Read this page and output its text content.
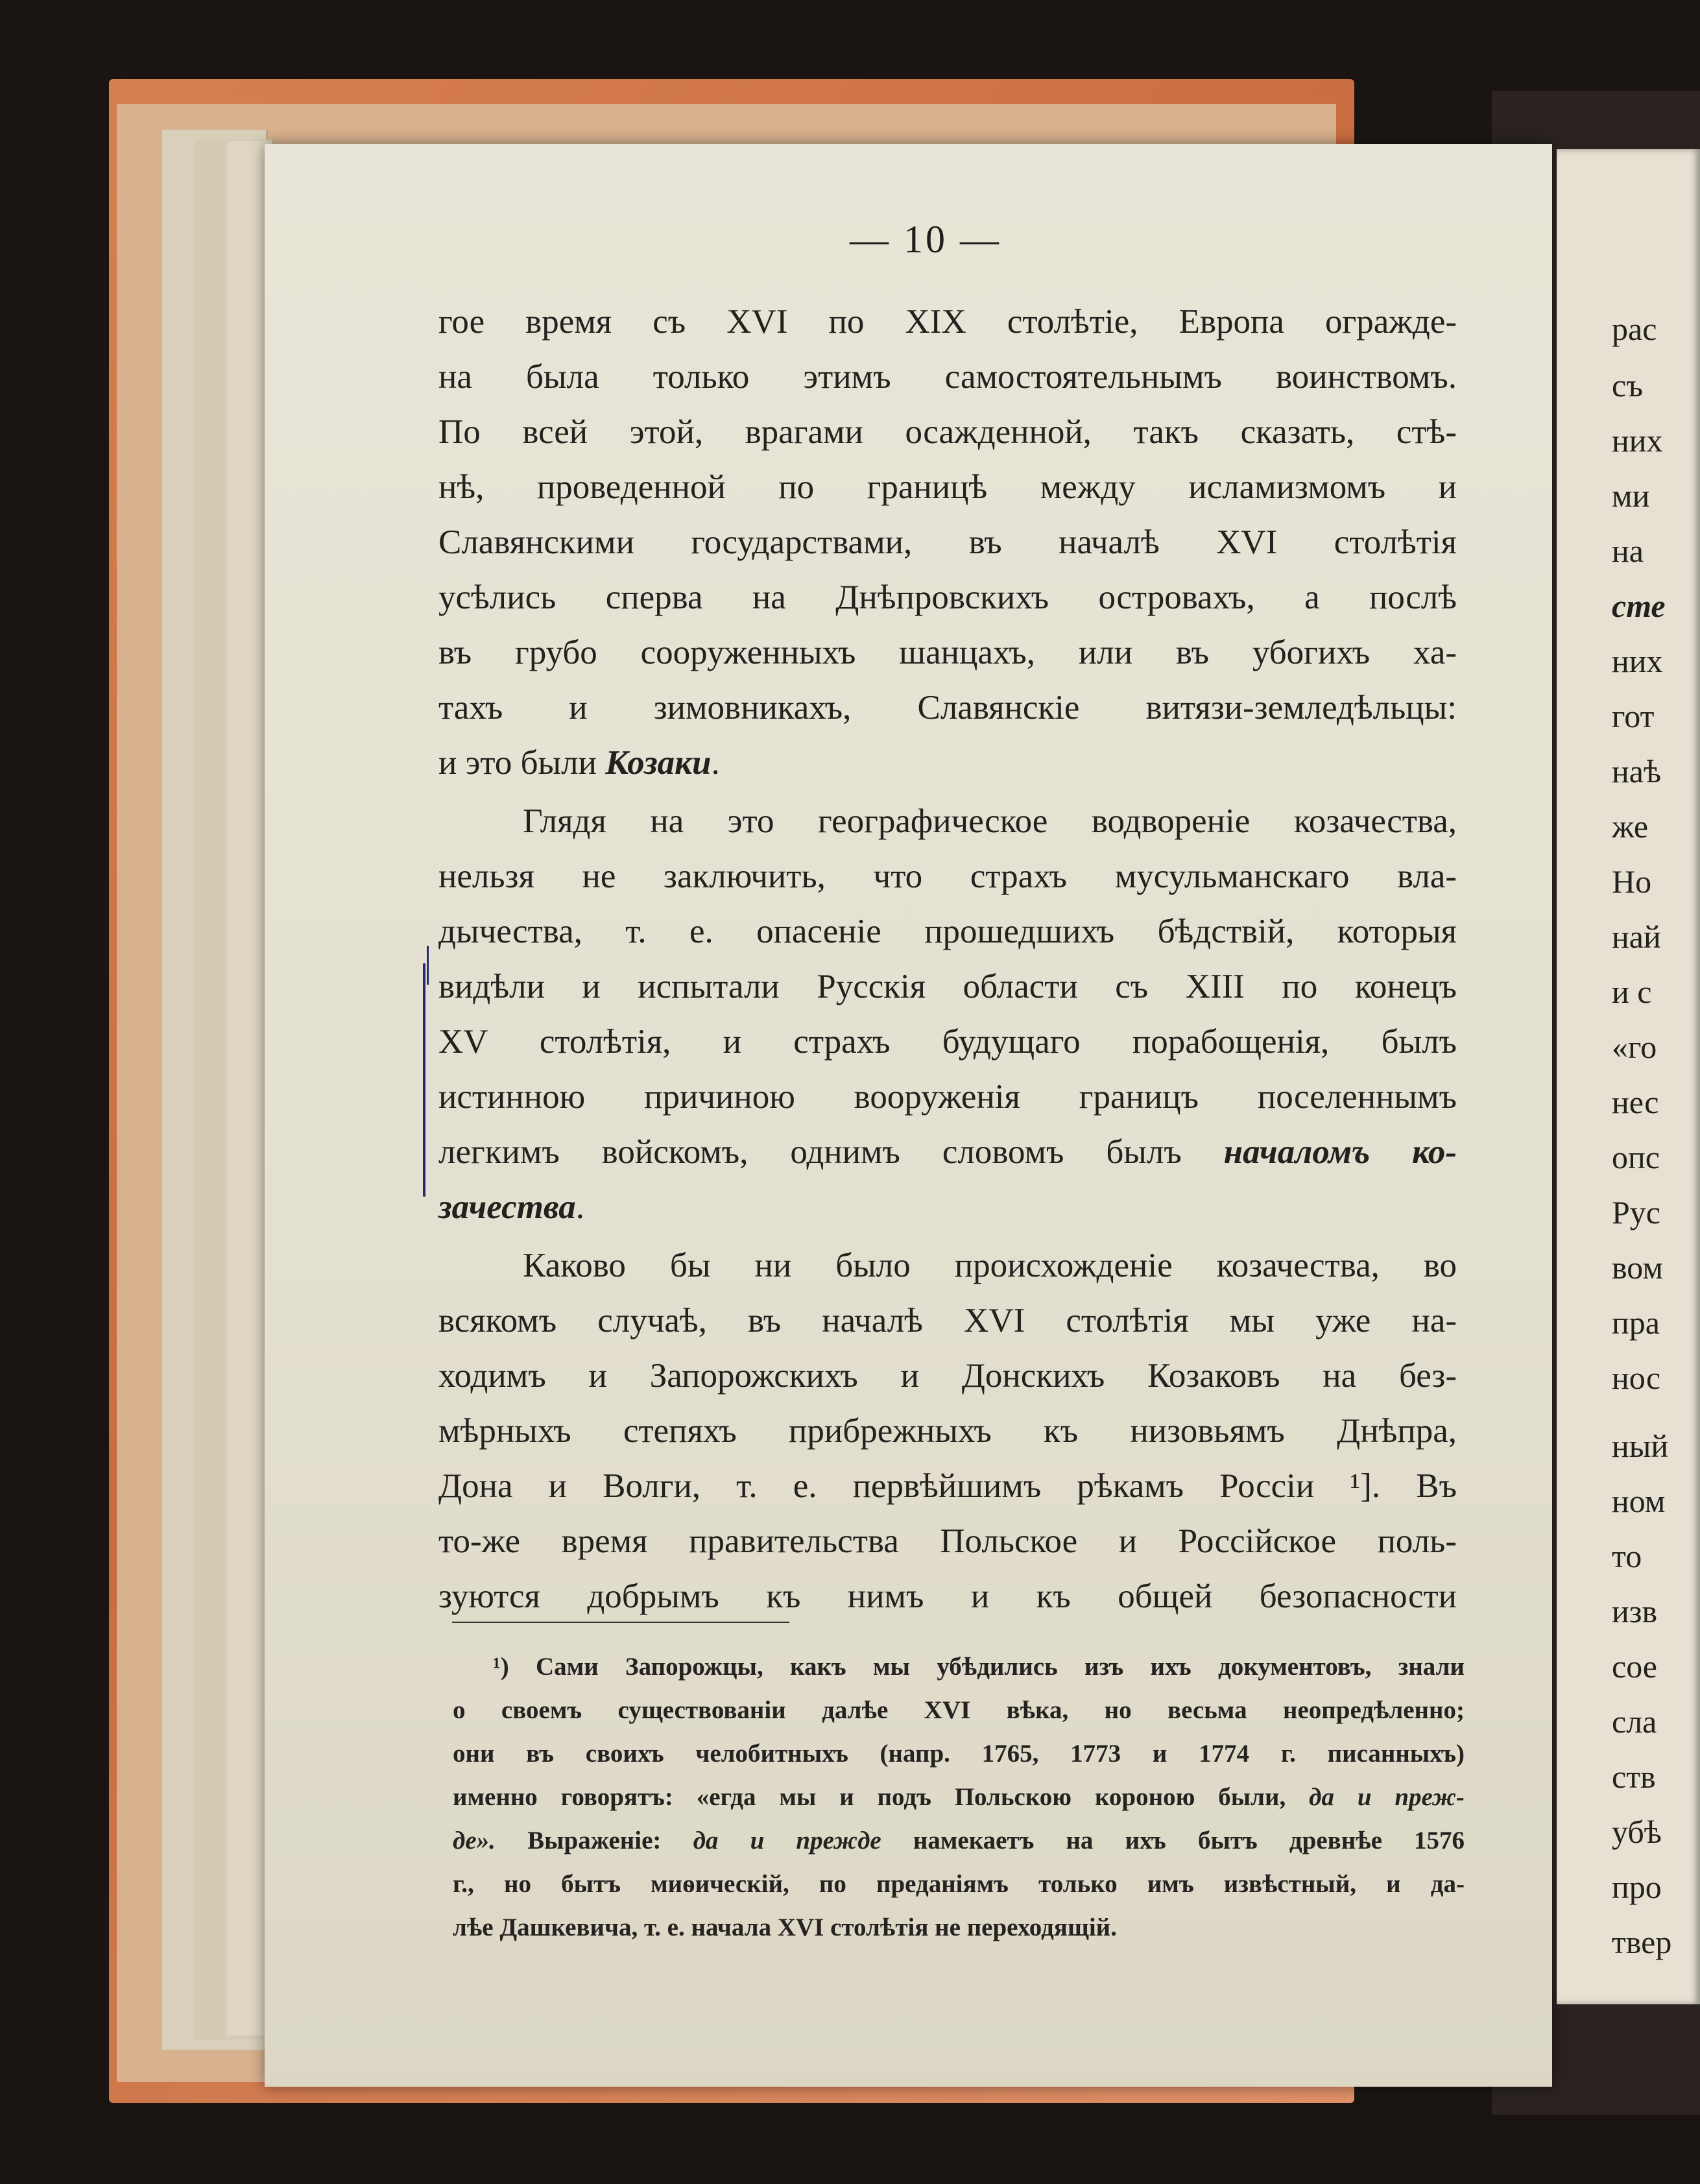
— 10 —
гое время съ XVI по XIX столѣтіе, Европа огражде-
на была только этимъ самостоятельнымъ воинствомъ.
По всей этой, врагами осажденной, такъ сказать, стѣ-
нѣ, проведенной по границѣ между исламизмомъ и
Славянскими государствами, въ началѣ XVI столѣтія
усѣлись сперва на Днѣпровскихъ островахъ, а послѣ
въ грубо сооруженныхъ шанцахъ, или въ убогихъ ха-
тахъ и зимовникахъ, Славянскіе витязи-земледѣльцы:
и это были Козаки.
Глядя на это географическое водвореніе козачества,
нельзя не заключить, что страхъ мусульманскаго вла-
дычества, т. е. опасеніе прошедшихъ бѣдствій, которыя
видѣли и испытали Русскія области съ XIII по конецъ
XV столѣтія, и страхъ будущаго порабощенія, былъ
истинною причиною вооруженія границъ поселеннымъ
легкимъ войскомъ, однимъ словомъ былъ началомъ ко-
зачества.
Каково бы ни было происхожденіе козачества, во
всякомъ случаѣ, въ началѣ XVI столѣтія мы уже на-
ходимъ и Запорожскихъ и Донскихъ Козаковъ на без-
мѣрныхъ степяхъ прибрежныхъ къ низовьямъ Днѣпра,
Дона и Волги, т. е. первѣйшимъ рѣкамъ Россіи ¹]. Въ
то-же время правительства Польское и Россійское поль-
зуются добрымъ къ нимъ и къ общей безопасности
¹) Сами Запорожцы, какъ мы убѣдились изъ ихъ документовъ, знали
о своемъ существованіи далѣе XVI вѣка, но весьма неопредѣленно;
они въ своихъ челобитныхъ (напр. 1765, 1773 и 1774 г. писанныхъ)
именно говорятъ: «егда мы и подъ Польскою короною были, да и преж-
де». Выраженіе: да и прежде намекаетъ на ихъ бытъ древнѣе 1576
г., но бытъ миѳическій, по преданіямъ только имъ извѣстный, и да-
лѣе Дашкевича, т. е. начала XVI столѣтія не переходящій.
рас
съ
них
ми
на
сте
них
гот
наѣ
же
Но
най
и с
«го
нес
опс
Рус
вом
пра
нос
ный
ном
то
изв
сое
сла
ств
убѣ
про
твер
